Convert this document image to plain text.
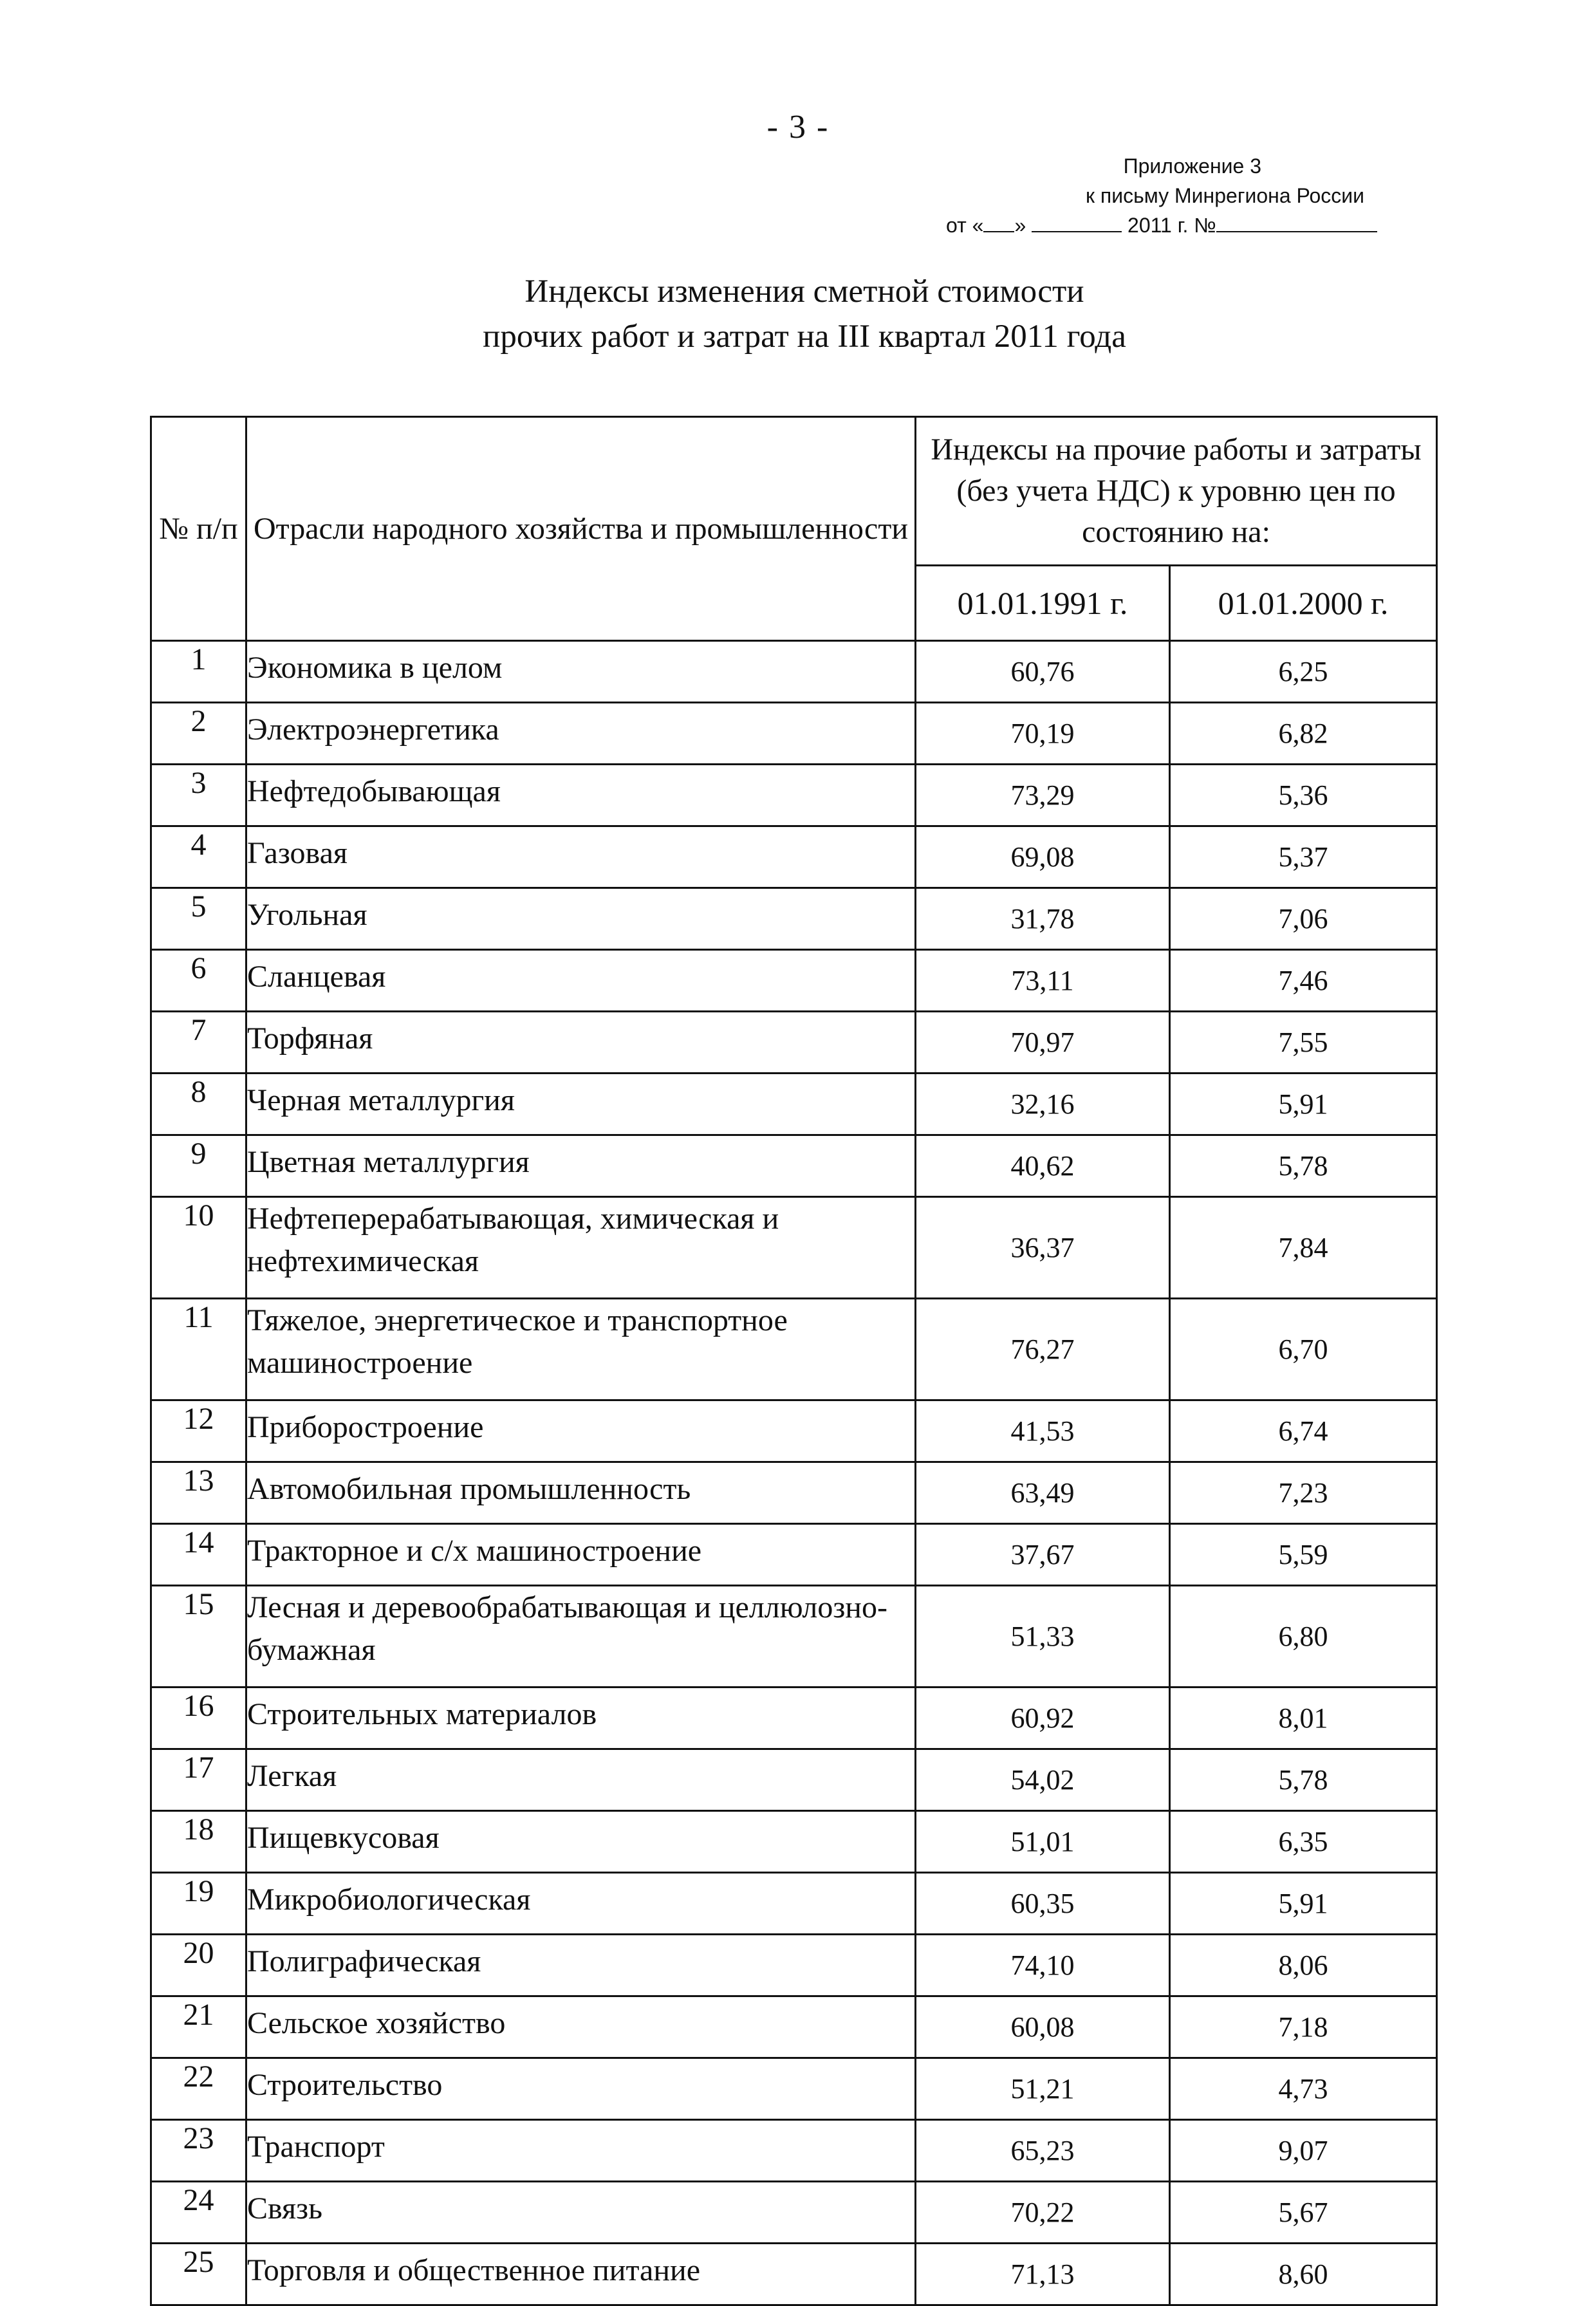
- 3 -
Приложение 3
к письму Минрегиона России
от « »	2011 г. №
Индексы изменения сметной стоимости
прочих работ и затрат на III квартал 2011 года
№ п/п	Отрасли народного хозяйства и промышленности	Индексы на прочие работы и затраты (без учета НДС) к уровню цен по состоянию на:	
		01.01.1991 г.	01.01.2000 г.
1	Экономика в целом	60,76	6,25
2	Электроэнергетика	70,19	6,82
3	Нефтедобывающая	73,29	5,36
4	Газовая	69,08	5,37
5	Угольная	31,78	7,06
6	Сланцевая	73,11	7,46
7	Торфяная	70,97	7,55
8	Черная металлургия	32,16	5,91
9	Цветная металлургия	40,62	5,78
10	Нефтеперерабатывающая, химическая и нефтехимическая	36,37	7,84
11	Тяжелое, энергетическое и транспортное машиностроение	76,27	6,70
12	Приборостроение	41,53	6,74
13	Автомобильная промышленность	63,49	7,23
14	Тракторное и с/х машиностроение	37,67	5,59
15	Лесная и деревообрабатывающая и целлюлозно-бумажная	51,33	6,80
16	Строительных материалов	60,92	8,01
17	Легкая	54,02	5,78
18	Пищевкусовая	51,01	6,35
19	Микробиологическая	60,35	5,91
20	Полиграфическая	74,10	8,06
21	Сельское хозяйство	60,08	7,18
22	Строительство	51,21	4,73
23	Транспорт	65,23	9,07
24	Связь	70,22	5,67
25	Торговля и общественное питание	71,13	8,60
